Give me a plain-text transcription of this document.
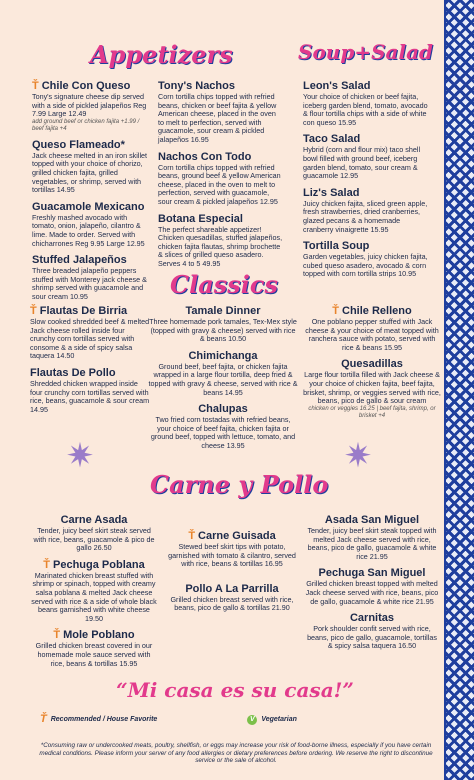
Appetizers	Soup+Salad
Classics
Carne y Pollo
Ť Chile Con Queso
Tony's signature cheese dip served with a side of pickled jalapeños Reg 7.99 Large 12.49
add ground beef or chicken fajita +1.99 / beef fajita +4
Queso Flameado*
Jack cheese melted in an iron skillet topped with your choice of chorizo, grilled chicken fajita, grilled vegetables, or shrimp, served with tortillas 14.95
Guacamole Mexicano
Freshly mashed avocado with tomato, onion, jalapeño, cilantro & lime. Made to order. Served with chicharrones Reg 9.95 Large 12.95
Stuffed Jalapeños
Three breaded jalapeño peppers stuffed with Monterey jack cheese & shrimp served with guacamole and sour cream 10.95
Tony's Nachos
Corn tortilla chips topped with refried beans, chicken or beef fajita & yellow American cheese, placed in the oven to melt to perfection, served with guacamole, sour cream & pickled jalapeños 16.95
Nachos Con Todo
Corn tortilla chips topped with refried beans, ground beef & yellow American cheese, placed in the oven to melt to perfection, served with guacamole, sour cream & pickled jalapeños 12.95
Botana Especial
The perfect shareable appetizer! Chicken quesadillas, stuffed jalapeños, chicken fajita flautas, shrimp brochette & slices of grilled queso asadero. Serves 4 to 5 49.95
Leon's Salad
Your choice of chicken or beef fajita, iceberg garden blend, tomato, avocado & flour tortilla chips with a side of white con queso 15.95
Taco Salad
Hybrid (corn and flour mix) taco shell bowl filled with ground beef, iceberg garden blend, tomato, sour cream & guacamole 12.95
Liz's Salad
Juicy chicken fajita, sliced green apple, fresh strawberries, dried cranberries, glazed pecans & a homemade cranberry vinaigrette 15.95
Tortilla Soup
Garden vegetables, juicy chicken fajita, cubed queso asadero, avocado & corn topped with corn tortilla strips 10.95
Ť Flautas De Birria
Slow cooked shredded beef & melted Jack cheese rolled inside four crunchy corn tortillas served with consome & a side of spicy salsa taquera 14.50
Flautas De Pollo
Shredded chicken wrapped inside four crunchy corn tortillas served with rice, beans, guacamole & sour cream 14.95
Tamale Dinner
Three homemade pork tamales, Tex-Mex style (topped with gravy & cheese) served with rice & beans 10.50
Chimichanga
Ground beef, beef fajita, or chicken fajita wrapped in a large flour tortilla, deep fried & topped with gravy & cheese, served with rice & beans 14.95
Chalupas
Two fried corn tostadas with refried beans, your choice of beef fajita, chicken fajita or ground beef, topped with lettuce, tomato, and cheese 13.95
Ť Chile Relleno
One poblano pepper stuffed with Jack cheese & your choice of meat topped with ranchera sauce with potato, served with rice & beans 15.95
Quesadillas
Large flour tortilla filled with Jack cheese & your choice of chicken fajita, beef fajita, brisket, shrimp, or veggies served with rice, beans, pico de gallo & sour cream
chicken or veggies 16.25 | beef fajita, shrimp, or brisket +4
✷	✷
Carne Asada
Tender, juicy beef skirt steak served with rice, beans, guacamole & pico de gallo 26.50
Ť Pechuga Poblana
Marinated chicken breast stuffed with shrimp or spinach, topped with creamy salsa poblana & melted Jack cheese served with rice & a side of whole black beans garnished with white cheese 19.50
Ť Mole Poblano
Grilled chicken breast covered in our homemade mole sauce served with rice, beans & tortillas 15.95
Ť Carne Guisada
Stewed beef skirt tips with potato, garnished with tomato & cilantro, served with rice, beans & tortillas 16.95
Pollo A La Parrilla
Grilled chicken breast served with rice, beans, pico de gallo & tortillas 21.90
Asada San Miguel
Tender, juicy beef skirt steak topped with melted Jack cheese served with rice, beans, pico de gallo, guacamole & white rice 21.95
Pechuga San Miguel
Grilled chicken breast topped with melted Jack cheese served with rice, beans, pico de gallo, guacamole & white rice 21.95
Carnitas
Pork shoulder confit served with rice, beans, pico de gallo, guacamole, tortillas & spicy salsa taquera 16.50
“Mi casa es su casa!”
Ť Recommended / House Favorite	V Vegetarian
*Consuming raw or undercooked meats, poultry, shellfish, or eggs may increase your risk of food-borne illness, especially if you have certain medical conditions. Please inform your server of any food allergies or dietary preferences before ordering. We reserve the right to discontinue service or the sale of alcohol.
